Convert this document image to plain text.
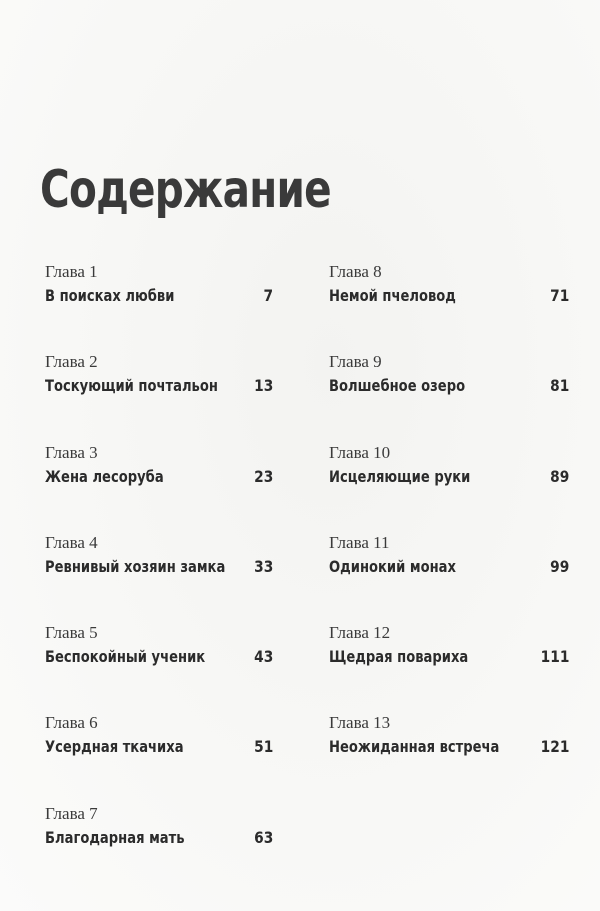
Содержание
Глава 1
В поисках любви	7
Глава 2
Тоскующий почтальон 13
Глава 3
Жена лесоруба	23
Глава 4
Ревнивый хозяин замка 33
Глава 5
Беспокойный ученик	43
Глава 6
Усердная ткачиха	51
Глава 7
Благодарная мать	63
Глава 8
Немой пчеловод	71
Глава 9
Волшебное озеро	81
Глава 10
Исцеляющие руки	89
Глава 11
Одинокий монах	99
Глава 12
Щедрая повариха	111
Глава 13
Неожиданная встреча	121
